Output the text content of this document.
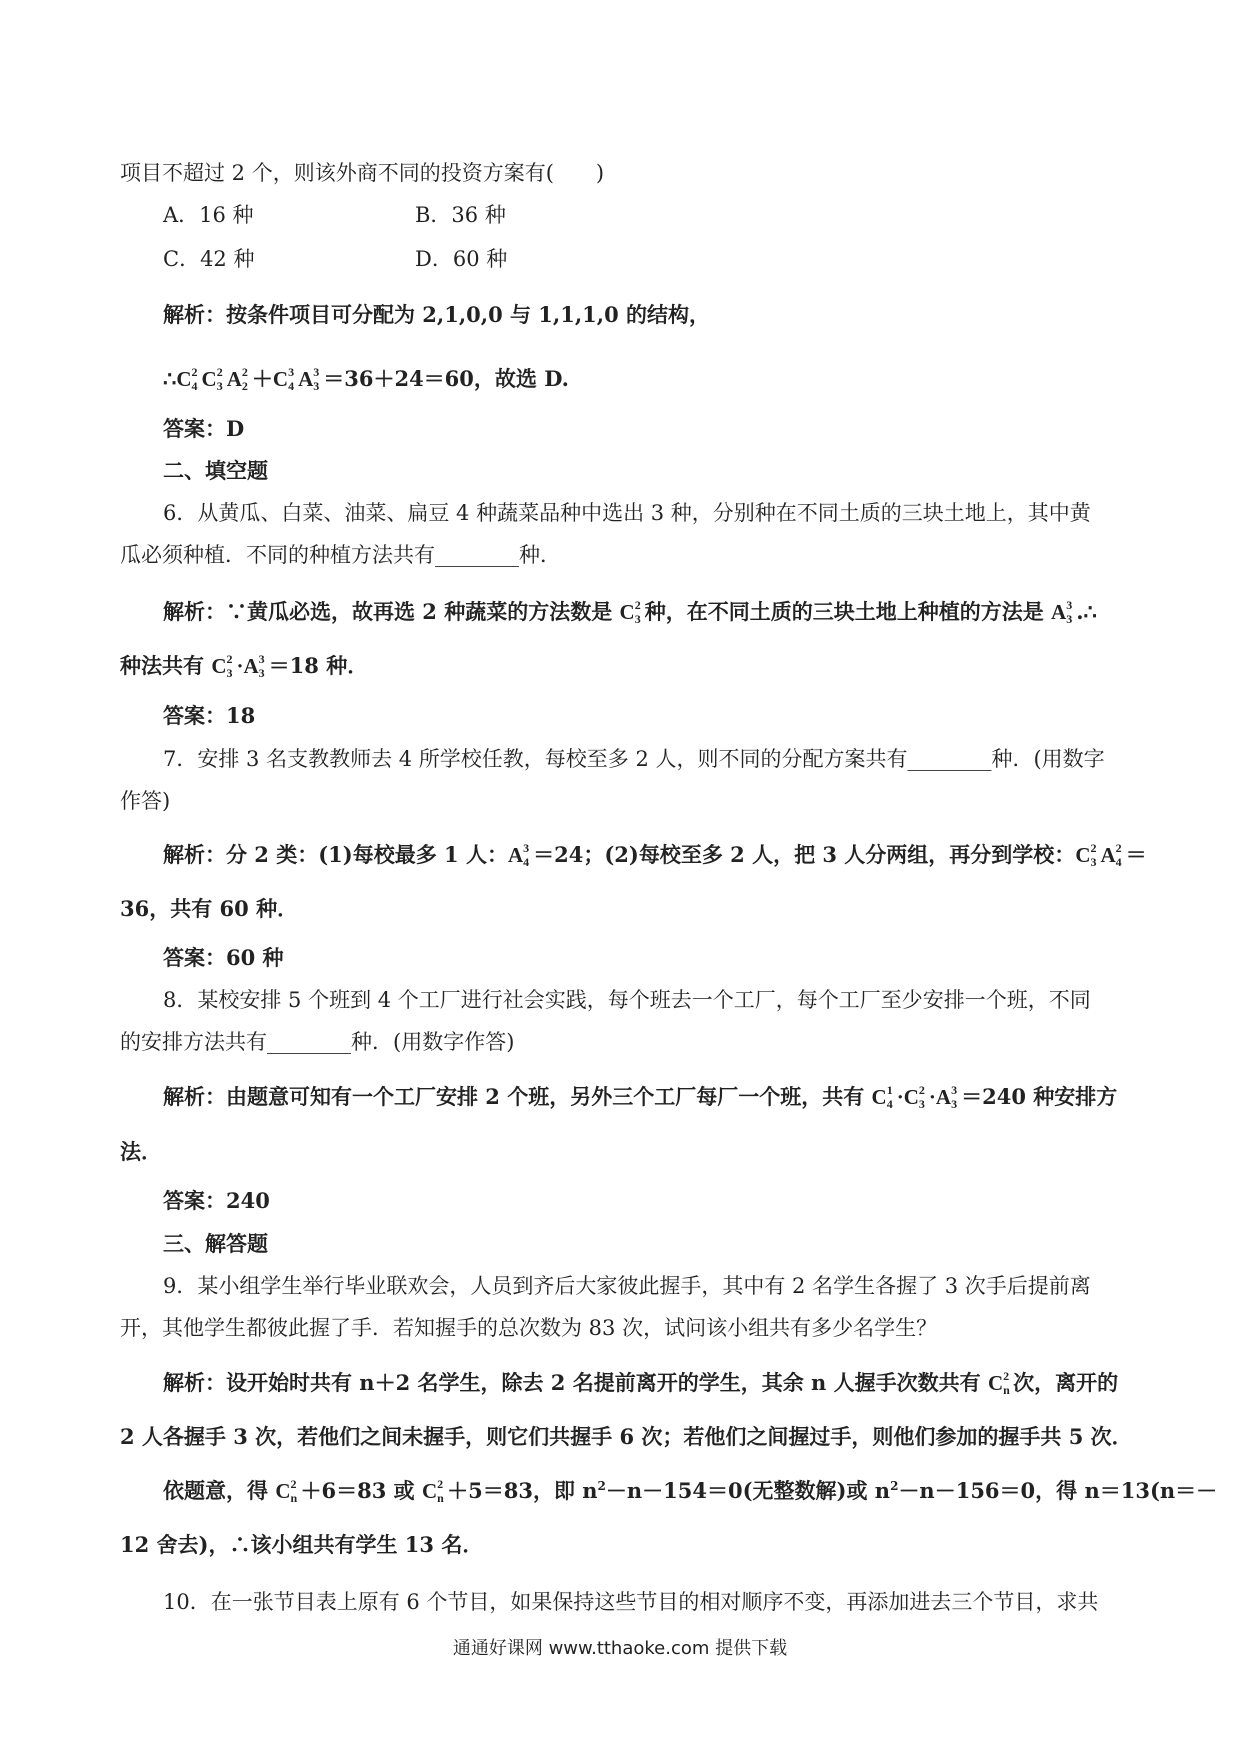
项目不超过 2 个，则该外商不同的投资方案有(　　)
A．16 种	B．36 种
C．42 种	D．60 种
解析：按条件项目可分配为 2,1,0,0 与 1,1,1,0 的结构，
∴C 2
4 C 2
3 A 2
2 ＋C 3
4 A 3
3 ＝36＋24＝60，故选 D.
答案：D
二、填空题
6．从黄瓜、白菜、油菜、扁豆 4 种蔬菜品种中选出 3 种，分别种在不同土质的三块土地上，其中黄
瓜必须种植．不同的种植方法共有________种．
解析：∵黄瓜必选，故再选 2 种蔬菜的方法数是 C 2
3 种，在不同土质的三块土地上种植的方法是 A 3
3 .∴
种法共有 C 2
3 ·A 3
3 ＝18 种．
答案：18
7．安排 3 名支教教师去 4 所学校任教，每校至多 2 人，则不同的分配方案共有________种．(用数字
作答)
解析：分 2 类：(1)每校最多 1 人：A 3
4 ＝24；(2)每校至多 2 人，把 3 人分两组，再分到学校：C 2
3 A 2
4 ＝
36，共有 60 种．
答案：60 种
8．某校安排 5 个班到 4 个工厂进行社会实践，每个班去一个工厂，每个工厂至少安排一个班，不同
的安排方法共有________种．(用数字作答)
解析：由题意可知有一个工厂安排 2 个班，另外三个工厂每厂一个班，共有 C 1
4 ·C 2
3 ·A 3
3 ＝240 种安排方
法．
答案：240
三、解答题
9．某小组学生举行毕业联欢会，人员到齐后大家彼此握手，其中有 2 名学生各握了 3 次手后提前离
开，其他学生都彼此握了手．若知握手的总次数为 83 次，试问该小组共有多少名学生？
解析：设开始时共有 n＋2 名学生，除去 2 名提前离开的学生，其余 n 人握手次数共有 C 2
n 次，离开的
2 人各握手 3 次，若他们之间未握手，则它们共握手 6 次；若他们之间握过手，则他们参加的握手共 5 次．
依题意，得 C 2
n ＋6＝83 或 C 2
n ＋5＝83，即 $n^2-n-154=0$(无整数解)或 $n^2-n-156=0$，得 n＝13(n＝－
12 舍去)，∴该小组共有学生 13 名．
10．在一张节目表上原有 6 个节目，如果保持这些节目的相对顺序不变，再添加进去三个节目，求共
通通好课网 www.tthaoke.com 提供下载
